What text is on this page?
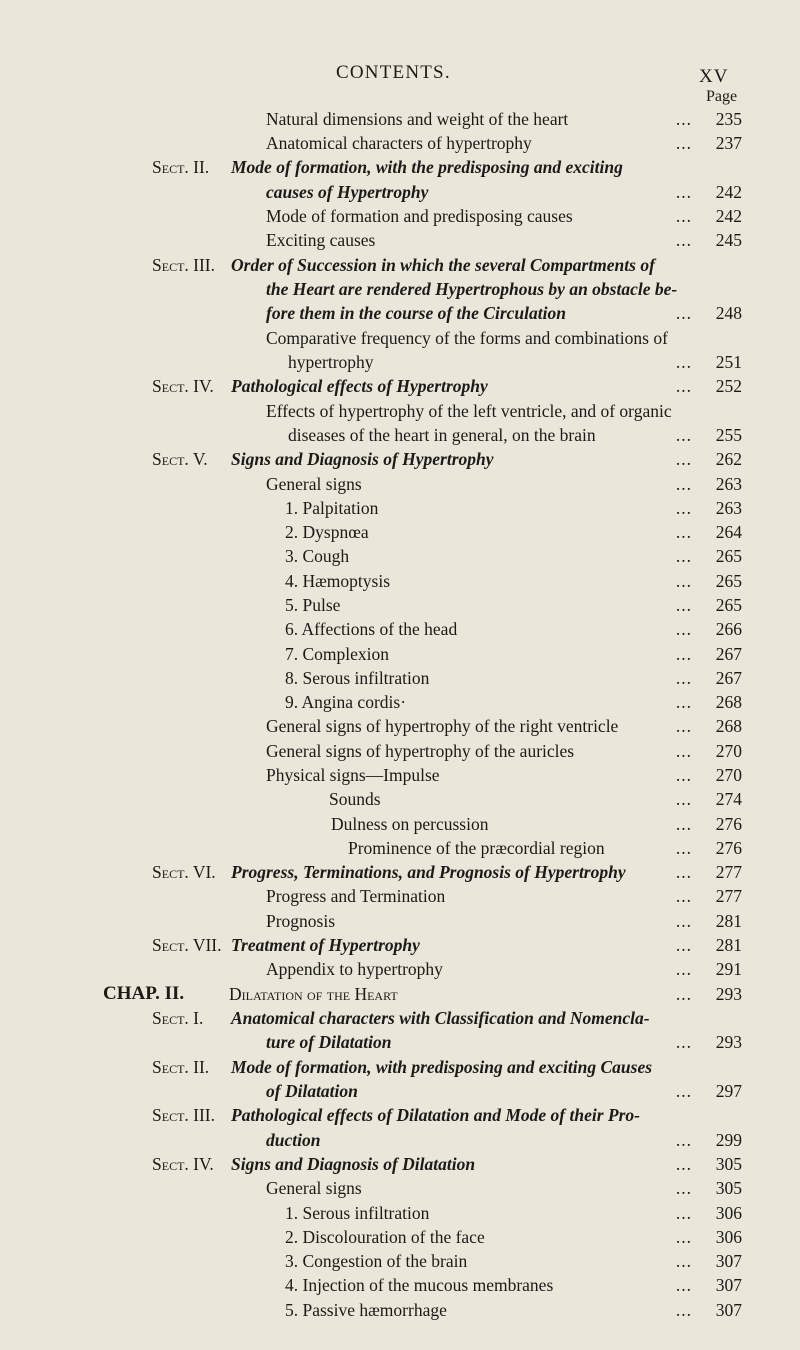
CONTENTS.	XV
Page
Natural dimensions and weight of the heart	...	235
Anatomical characters of hypertrophy	...	237
Sect. II. Mode of formation, with the predisposing and exciting
causes of Hypertrophy	...	242
Mode of formation and predisposing causes	...	242
Exciting causes	...	245
Sect. III. Order of Succession in which the several Compartments of
the Heart are rendered Hypertrophous by an obstacle be-
fore them in the course of the Circulation	...	248
Comparative frequency of the forms and combinations of
hypertrophy	...	251
Sect. IV. Pathological effects of Hypertrophy	...	252
Effects of hypertrophy of the left ventricle, and of organic
diseases of the heart in general, on the brain	...	255
Sect. V. Signs and Diagnosis of Hypertrophy	...	262
General signs	...	263
1. Palpitation	...	263
2. Dyspnœa	...	264
3. Cough	...	265
4. Hæmoptysis	...	265
5. Pulse	...	265
6. Affections of the head	...	266
7. Complexion	...	267
8. Serous infiltration	...	267
9. Angina cordis·	...	268
General signs of hypertrophy of the right ventricle	...	268
General signs of hypertrophy of the auricles	...	270
Physical signs—Impulse	...	270
Sounds	...	274
Dulness on percussion	...	276
Prominence of the præcordial region	...	276
Sect. VI. Progress, Terminations, and Prognosis of Hypertrophy	...	277
Progress and Termination	...	277
Prognosis	...	281
Sect. VII. Treatment of Hypertrophy	...	281
Appendix to hypertrophy	...	291
CHAP. II.	Dilatation of the Heart	...	293
Sect. I. Anatomical characters with Classification and Nomencla-
ture of Dilatation	...	293
Sect. II. Mode of formation, with predisposing and exciting Causes
of Dilatation	...	297
Sect. III. Pathological effects of Dilatation and Mode of their Pro-
duction	...	299
Sect. IV. Signs and Diagnosis of Dilatation	...	305
General signs	...	305
1. Serous infiltration	...	306
2. Discolouration of the face	...	306
3. Congestion of the brain	...	307
4. Injection of the mucous membranes	...	307
5. Passive hæmorrhage	...	307
